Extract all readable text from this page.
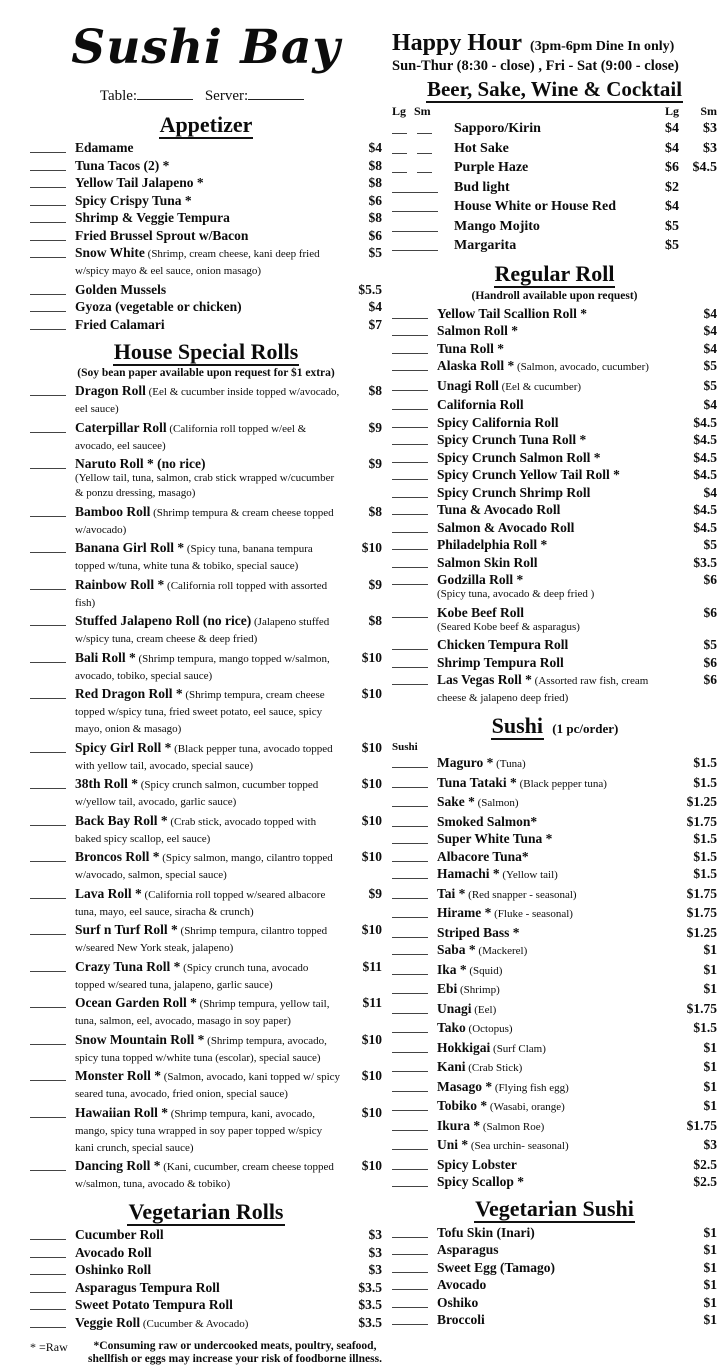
Sushi Bay
Table:	Server:
Appetizer
Edamame	$4
Tuna Tacos (2) *	$8
Yellow Tail Jalapeno *	$8
Spicy Crispy Tuna *	$6
Shrimp & Veggie Tempura	$8
Fried Brussel Sprout w/Bacon	$6
Snow White (Shrimp, cream cheese, kani deep fried w/spicy mayo & eel sauce, onion masago)
$5
Golden Mussels	$5.5
Gyoza (vegetable or chicken)	$4
Fried Calamari	$7
House Special Rolls
(Soy bean paper available upon request for $1 extra)
Dragon Roll (Eel & cucumber inside topped w/avocado, eel sauce)
$8
Caterpillar Roll (California roll topped w/eel & avocado, eel saucee)
$9
Naruto Roll * (no rice)
(Yellow tail, tuna, salmon, crab stick wrapped w/cucumber & ponzu dressing, masago)
$9
Bamboo Roll (Shrimp tempura & cream cheese topped w/avocado)
$8
Banana Girl Roll * (Spicy tuna, banana tempura topped w/tuna, white tuna & tobiko, special sauce)
$10
Rainbow Roll * (California roll topped with assorted fish)
$9
Stuffed Jalapeno Roll (no rice) (Jalapeno stuffed w/spicy tuna, cream cheese & deep fried)
$8
Bali Roll * (Shrimp tempura, mango topped w/salmon, avocado, tobiko, special sauce)
$10
Red Dragon Roll * (Shrimp tempura, cream cheese topped w/spicy tuna, fried sweet potato, eel sauce, spicy mayo, onion & masago)
$10
Spicy Girl Roll * (Black pepper tuna, avocado topped with yellow tail, avocado, special sauce)
$10
38th Roll * (Spicy crunch salmon, cucumber topped w/yellow tail, avocado, garlic sauce)
$10
Back Bay Roll * (Crab stick, avocado topped with baked spicy scallop, eel sauce)
$10
Broncos Roll * (Spicy salmon, mango, cilantro topped w/avocado, salmon, special sauce)
$10
Lava Roll * (California roll topped w/seared albacore tuna, mayo, eel sauce, siracha & crunch)
$9
Surf n Turf Roll * (Shrimp tempura, cilantro topped w/seared New York steak, jalapeno)
$10
Crazy Tuna Roll * (Spicy crunch tuna, avocado topped w/seared tuna, jalapeno, garlic sauce)
$11
Ocean Garden Roll * (Shrimp tempura, yellow tail, tuna, salmon, eel, avocado, masago in soy paper)
$11
Snow Mountain Roll * (Shrimp tempura, avocado, spicy tuna topped w/white tuna (escolar), special sauce)
$10
Monster Roll * (Salmon, avocado, kani topped w/ spicy seared tuna, avocado, fried onion, special sauce)
$10
Hawaiian Roll * (Shrimp tempura, kani, avocado, mango, spicy tuna wrapped in soy paper topped w/spicy kani crunch, special sauce)
$10
Dancing Roll * (Kani, cucumber, cream cheese topped w/salmon, tuna, avocado & tobiko)
$10
Vegetarian Rolls
Cucumber Roll	$3
Avocado Roll	$3
Oshinko Roll	$3
Asparagus Tempura Roll	$3.5
Sweet Potato Tempura Roll	$3.5
Veggie Roll (Cucumber & Avocado)	$3.5
* =Raw	*Consuming raw or undercooked meats, poultry, seafood, shellfish or eggs may increase your risk of foodborne illness.
Happy Hour (3pm-6pm Dine In only)
Sun-Thur (8:30 - close) , Fri - Sat (9:00 - close)
Beer, Sake, Wine & Cocktail
Lg Sm	Lg	Sm
Sapporo/Kirin	$4	$3
Hot Sake	$4	$3
Purple Haze	$6 $4.5
Bud light	$2
House White or House Red	$4
Mango Mojito	$5
Margarita	$5
Regular Roll
(Handroll available upon request)
Yellow Tail Scallion Roll *	$4
Salmon Roll *	$4
Tuna Roll *	$4
Alaska Roll * (Salmon, avocado, cucumber)	$5
Unagi Roll (Eel & cucumber)	$5
California Roll	$4
Spicy California Roll	$4.5
Spicy Crunch Tuna Roll *	$4.5
Spicy Crunch Salmon Roll *	$4.5
Spicy Crunch Yellow Tail Roll *	$4.5
Spicy Crunch Shrimp Roll	$4
Tuna & Avocado Roll	$4.5
Salmon & Avocado Roll	$4.5
Philadelphia Roll *	$5
Salmon Skin Roll	$3.5
Godzilla Roll *
(Spicy tuna, avocado & deep fried )
$6
Kobe Beef Roll
(Seared Kobe beef & asparagus)
$6
Chicken Tempura Roll	$5
Shrimp Tempura Roll	$6
Las Vegas Roll * (Assorted raw fish, cream cheese & jalapeno deep fried)
$6
Sushi (1 pc/order)
Sushi
Maguro * (Tuna)	$1.5
Tuna Tataki * (Black pepper tuna)	$1.5
Sake * (Salmon)	$1.25
Smoked Salmon*	$1.75
Super White Tuna *	$1.5
Albacore Tuna*	$1.5
Hamachi * (Yellow tail)	$1.5
Tai * (Red snapper - seasonal)	$1.75
Hirame * (Fluke - seasonal)	$1.75
Striped Bass *	$1.25
Saba * (Mackerel)	$1
Ika * (Squid)	$1
Ebi (Shrimp)	$1
Unagi (Eel)	$1.75
Tako (Octopus)	$1.5
Hokkigai (Surf Clam)	$1
Kani (Crab Stick)	$1
Masago * (Flying fish egg)	$1
Tobiko * (Wasabi, orange)	$1
Ikura * (Salmon Roe)	$1.75
Uni * (Sea urchin- seasonal)	$3
Spicy Lobster	$2.5
Spicy Scallop *	$2.5
Vegetarian Sushi
Tofu Skin (Inari)	$1
Asparagus	$1
Sweet Egg (Tamago)	$1
Avocado	$1
Oshiko	$1
Broccoli	$1
